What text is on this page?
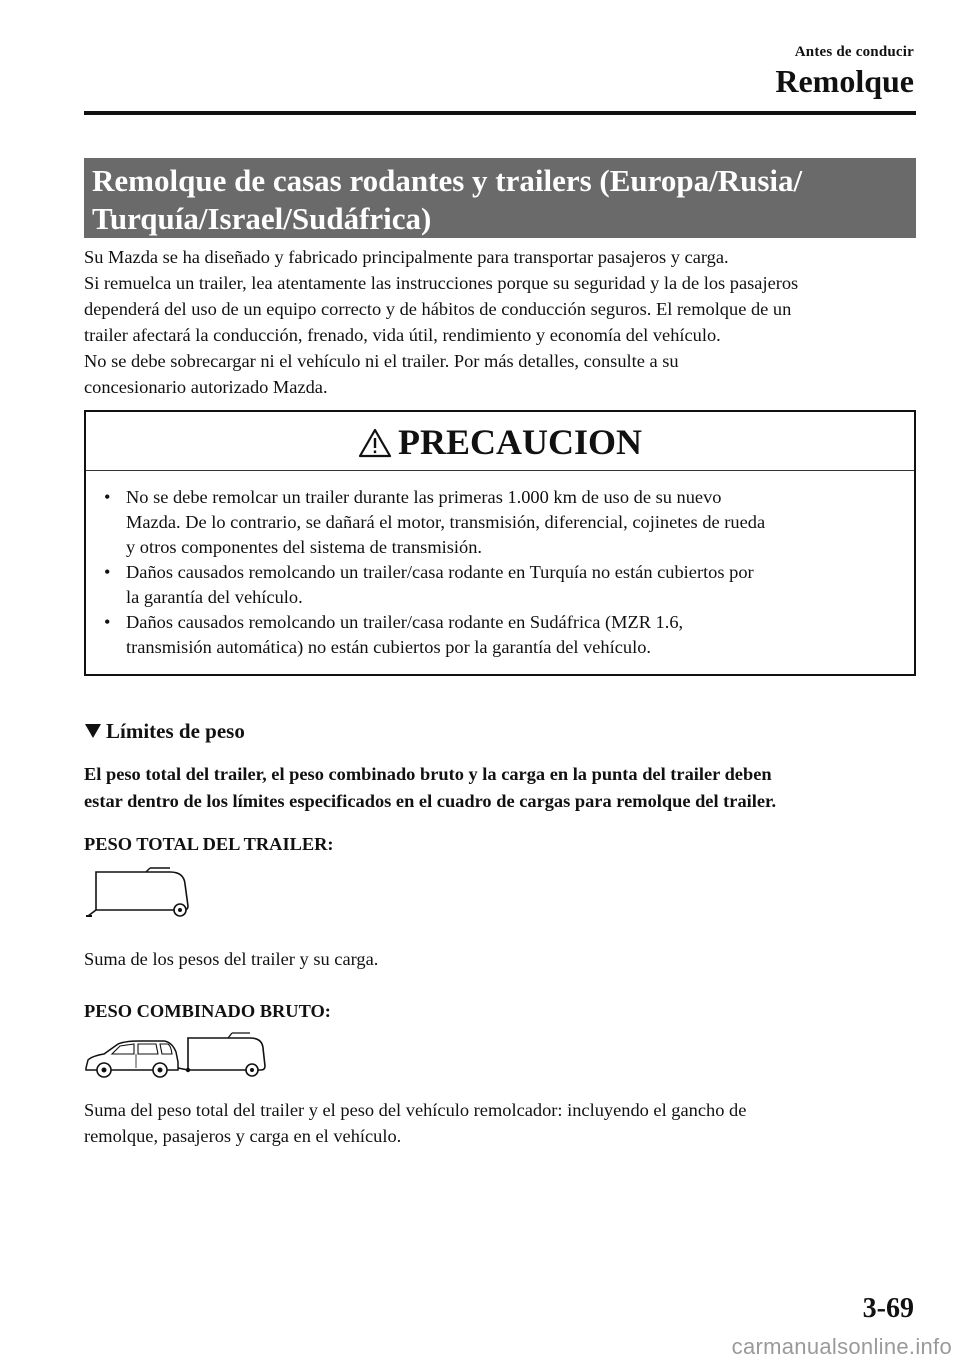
Antes de conducir
Remolque
Remolque de casas rodantes y trailers (Europa/Rusia/
Turquía/Israel/Sudáfrica)

Su Mazda se ha diseñado y fabricado principalmente para transportar pasajeros y carga.

Si remuelca un trailer, lea atentamente las instrucciones porque su seguridad y la de los pasajeros

dependerá del uso de un equipo correcto y de hábitos de conducción seguros. El remolque de un

trailer afectará la conducción, frenado, vida útil, rendimiento y economía del vehículo.

No se debe sobrecargar ni el vehículo ni el trailer. Por más detalles, consulte a su

concesionario autorizado Mazda.

PRECAUCION
• No se debe remolcar un trailer durante las primeras 1.000 km de uso de su nuevo
Mazda. De lo contrario, se dañará el motor, transmisión, diferencial, cojinetes de rueda
y otros componentes del sistema de transmisión.
• Daños causados remolcando un trailer/casa rodante en Turquía no están cubiertos por
la garantía del vehículo.
• Daños causados remolcando un trailer/casa rodante en Sudáfrica (MZR 1.6,
transmisión automática) no están cubiertos por la garantía del vehículo.
Límites de peso

El peso total del trailer, el peso combinado bruto y la carga en la punta del trailer deben

estar dentro de los límites especificados en el cuadro de cargas para remolque del trailer.

PESO TOTAL DEL TRAILER:
Suma de los pesos del trailer y su carga.
PESO COMBINADO BRUTO:

Suma del peso total del trailer y el peso del vehículo remolcador: incluyendo el gancho de

remolque, pasajeros y carga en el vehículo.

3-69
carmanualsonline.info
